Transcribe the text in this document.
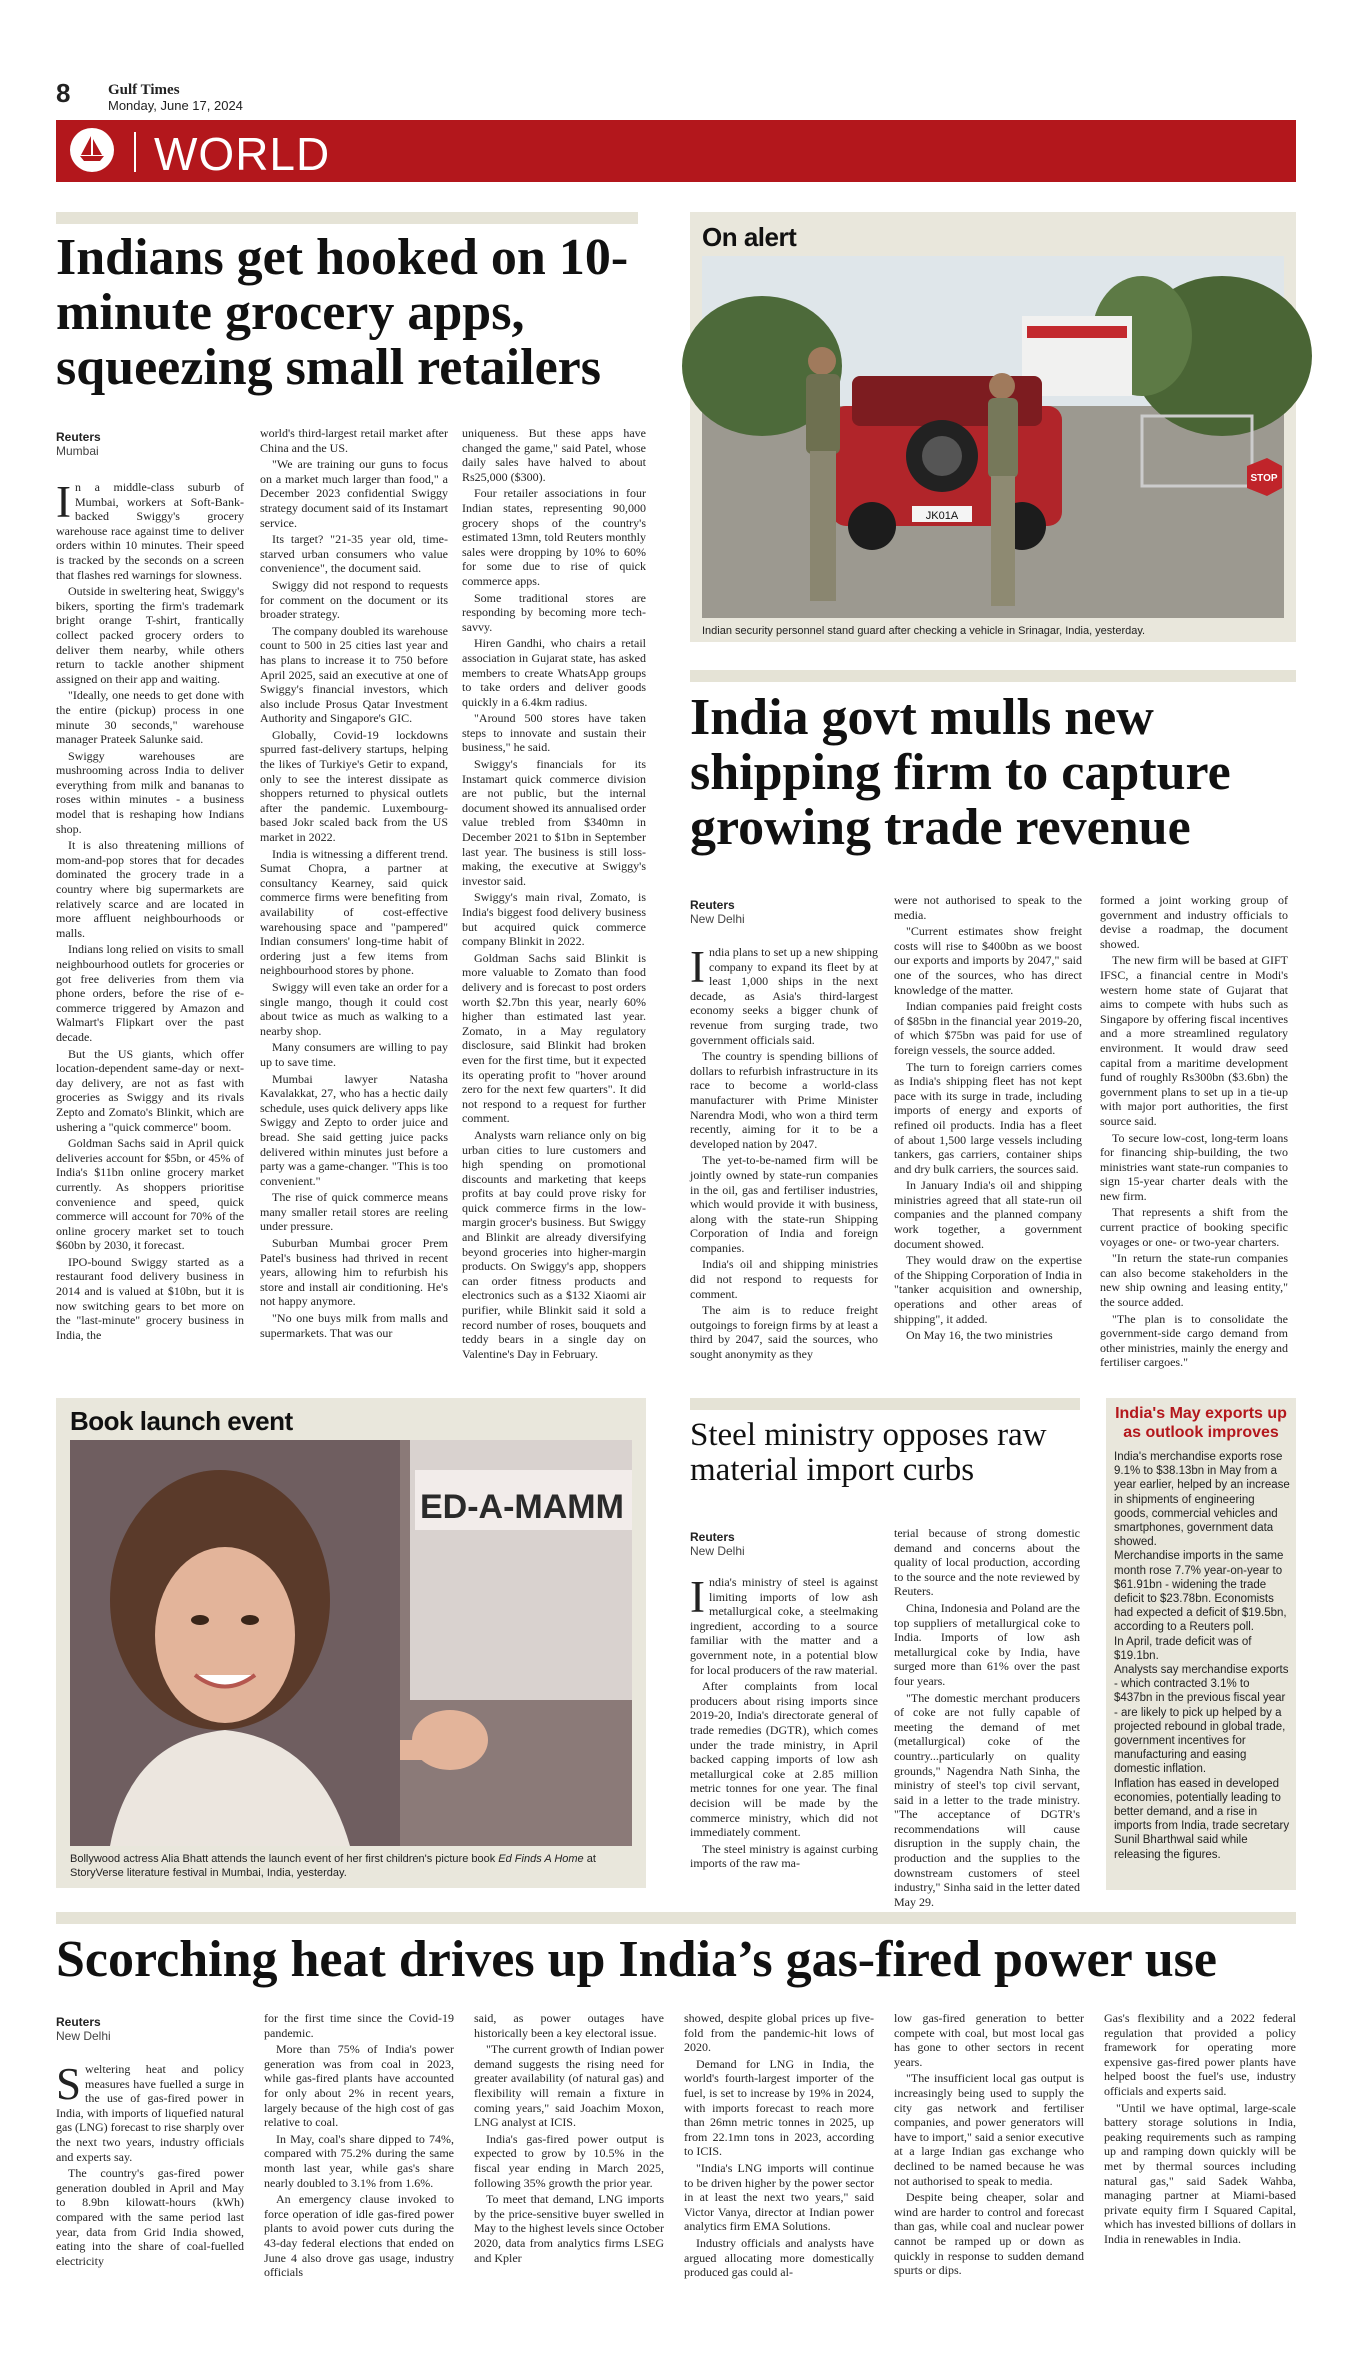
8	Gulf Times
Monday, June 17, 2024
WORLD
Indians get hooked on 10-minute grocery apps, squeezing small retailers
Reuters
Mumbai
I n a middle-class suburb of Mumbai, workers at Soft-Bank-backed Swiggy's grocery warehouse race against time to deliver orders within 10 minutes. Their speed is tracked by the seconds on a screen that flashes red warnings for slowness.

Outside in sweltering heat, Swiggy's bikers, sporting the firm's trademark bright orange T-shirt, frantically collect packed grocery orders to deliver them nearby, while others return to tackle another shipment assigned on their app and waiting.

"Ideally, one needs to get done with the entire (pickup) process in one minute 30 seconds," warehouse manager Prateek Salunke said.

Swiggy warehouses are mushrooming across India to deliver everything from milk and bananas to roses within minutes - a business model that is reshaping how Indians shop.

It is also threatening millions of mom-and-pop stores that for decades dominated the grocery trade in a country where big supermarkets are relatively scarce and are located in more affluent neighbourhoods or malls.

Indians long relied on visits to small neighbourhood outlets for groceries or got free deliveries from them via phone orders, before the rise of e-commerce triggered by Amazon and Walmart's Flipkart over the past decade.

But the US giants, which offer location-dependent same-day or next-day delivery, are not as fast with groceries as Swiggy and its rivals Zepto and Zomato's Blinkit, which are ushering a "quick commerce" boom.

Goldman Sachs said in April quick deliveries account for $5bn, or 45% of India's $11bn online grocery market currently. As shoppers prioritise convenience and speed, quick commerce will account for 70% of the online grocery market set to touch $60bn by 2030, it forecast.

IPO-bound Swiggy started as a restaurant food delivery business in 2014 and is valued at $10bn, but it is now switching gears to bet more on the "last-minute" grocery business in India, the

world's third-largest retail market after China and the US.

"We are training our guns to focus on a market much larger than food," a December 2023 confidential Swiggy strategy document said of its Instamart service.

Its target? "21-35 year old, time-starved urban consumers who value convenience", the document said.

Swiggy did not respond to requests for comment on the document or its broader strategy.

The company doubled its warehouse count to 500 in 25 cities last year and has plans to increase it to 750 before April 2025, said an executive at one of Swiggy's financial investors, which also include Prosus Qatar Investment Authority and Singapore's GIC.

Globally, Covid-19 lockdowns spurred fast-delivery startups, helping the likes of Turkiye's Getir to expand, only to see the interest dissipate as shoppers returned to physical outlets after the pandemic. Luxembourg-based Jokr scaled back from the US market in 2022.

India is witnessing a different trend. Sumat Chopra, a partner at consultancy Kearney, said quick commerce firms were benefiting from availability of cost-effective warehousing space and "pampered" Indian consumers' long-time habit of ordering just a few items from neighbourhood stores by phone.

Swiggy will even take an order for a single mango, though it could cost about twice as much as walking to a nearby shop.

Many consumers are willing to pay up to save time.

Mumbai lawyer Natasha Kavalakkat, 27, who has a hectic daily schedule, uses quick delivery apps like Swiggy and Zepto to order juice and bread. She said getting juice packs delivered within minutes just before a party was a game-changer. "This is too convenient."

The rise of quick commerce means many smaller retail stores are reeling under pressure.

Suburban Mumbai grocer Prem Patel's business had thrived in recent years, allowing him to refurbish his store and install air conditioning. He's not happy anymore.

"No one buys milk from malls and supermarkets. That was our

uniqueness. But these apps have changed the game," said Patel, whose daily sales have halved to about Rs25,000 ($300).

Four retailer associations in four Indian states, representing 90,000 grocery shops of the country's estimated 13mn, told Reuters monthly sales were dropping by 10% to 60% for some due to rise of quick commerce apps.

Some traditional stores are responding by becoming more tech-savvy.

Hiren Gandhi, who chairs a retail association in Gujarat state, has asked members to create WhatsApp groups to take orders and deliver goods quickly in a 6.4km radius.

"Around 500 stores have taken steps to innovate and sustain their business," he said.

Swiggy's financials for its Instamart quick commerce division are not public, but the internal document showed its annualised order value trebled from $340mn in December 2021 to $1bn in September last year. The business is still loss-making, the executive at Swiggy's investor said.

Swiggy's main rival, Zomato, is India's biggest food delivery business but acquired quick commerce company Blinkit in 2022.

Goldman Sachs said Blinkit is more valuable to Zomato than food delivery and is forecast to post orders worth $2.7bn this year, nearly 60% higher than estimated last year. Zomato, in a May regulatory disclosure, said Blinkit had broken even for the first time, but it expected its operating profit to "hover around zero for the next few quarters". It did not respond to a request for further comment.

Analysts warn reliance only on big urban cities to lure customers and high spending on promotional discounts and marketing that keeps profits at bay could prove risky for quick commerce firms in the low-margin grocer's business. But Swiggy and Blinkit are already diversifying beyond groceries into higher-margin products. On Swiggy's app, shoppers can order fitness products and electronics such as a $132 Xiaomi air purifier, while Blinkit said it sold a record number of roses, bouquets and teddy bears in a single day on Valentine's Day in February.

On alert
JK01A
STOP
Indian security personnel stand guard after checking a vehicle in Srinagar, India, yesterday.
India govt mulls new shipping firm to capture growing trade revenue
Reuters
New Delhi
I ndia plans to set up a new shipping company to expand its fleet by at least 1,000 ships in the next decade, as Asia's third-largest economy seeks a bigger chunk of revenue from surging trade, two government officials said.

The country is spending billions of dollars to refurbish infrastructure in its race to become a world-class manufacturer with Prime Minister Narendra Modi, who won a third term recently, aiming for it to be a developed nation by 2047.

The yet-to-be-named firm will be jointly owned by state-run companies in the oil, gas and fertiliser industries, which would provide it with business, along with the state-run Shipping Corporation of India and foreign companies.

India's oil and shipping ministries did not respond to requests for comment.

The aim is to reduce freight outgoings to foreign firms by at least a third by 2047, said the sources, who sought anonymity as they

were not authorised to speak to the media.

"Current estimates show freight costs will rise to $400bn as we boost our exports and imports by 2047," said one of the sources, who has direct knowledge of the matter.

Indian companies paid freight costs of $85bn in the financial year 2019-20, of which $75bn was paid for use of foreign vessels, the source added.

The turn to foreign carriers comes as India's shipping fleet has not kept pace with its surge in trade, including imports of energy and exports of refined oil products. India has a fleet of about 1,500 large vessels including tankers, gas carriers, container ships and dry bulk carriers, the sources said.

In January India's oil and shipping ministries agreed that all state-run oil companies and the planned company work together, a government document showed.

They would draw on the expertise of the Shipping Corporation of India in "tanker acquisition and ownership, operations and other areas of shipping", it added.

On May 16, the two ministries

formed a joint working group of government and industry officials to devise a roadmap, the document showed.

The new firm will be based at GIFT IFSC, a financial centre in Modi's western home state of Gujarat that aims to compete with hubs such as Singapore by offering fiscal incentives and a more streamlined regulatory environment. It would draw seed capital from a maritime development fund of roughly Rs300bn ($3.6bn) the government plans to set up in a tie-up with major port authorities, the first source said.

To secure low-cost, long-term loans for financing ship-building, the two ministries want state-run companies to sign 15-year charter deals with the new firm.

That represents a shift from the current practice of booking specific voyages or one- or two-year charters.

"In return the state-run companies can also become stakeholders in the new ship owning and leasing entity," the source added.

"The plan is to consolidate the government-side cargo demand from other ministries, mainly the energy and fertiliser cargoes."

Book launch event
ED-A-MAMM
Bollywood actress Alia Bhatt attends the launch event of her first children's picture book Ed Finds A Home at StoryVerse literature festival in Mumbai, India, yesterday.
Steel ministry opposes raw material import curbs
Reuters
New Delhi
I ndia's ministry of steel is against limiting imports of low ash metallurgical coke, a steelmaking ingredient, according to a source familiar with the matter and a government note, in a potential blow for local producers of the raw material.

After complaints from local producers about rising imports since 2019-20, India's directorate general of trade remedies (DGTR), which comes under the trade ministry, in April backed capping imports of low ash metallurgical coke at 2.85 million metric tonnes for one year. The final decision will be made by the commerce ministry, which did not immediately comment.

The steel ministry is against curbing imports of the raw ma-

terial because of strong domestic demand and concerns about the quality of local production, according to the source and the note reviewed by Reuters.

China, Indonesia and Poland are the top suppliers of metallurgical coke to India. Imports of low ash metallurgical coke by India, have surged more than 61% over the past four years.

"The domestic merchant producers of coke are not fully capable of meeting the demand of met (metallurgical) coke of the country...particularly on quality grounds," Nagendra Nath Sinha, the ministry of steel's top civil servant, said in a letter to the trade ministry. "The acceptance of DGTR's recommendations will cause disruption in the supply chain, the production and the supplies to the downstream customers of steel industry," Sinha said in the letter dated May 29.

India's May exports up as outlook improves

India's merchandise exports rose 9.1% to $38.13bn in May from a year earlier, helped by an increase in shipments of engineering goods, commercial vehicles and smartphones, government data showed.

Merchandise imports in the same month rose 7.7% year-on-year to $61.91bn - widening the trade deficit to $23.78bn. Economists had expected a deficit of $19.5bn, according to a Reuters poll.

In April, trade deficit was of $19.1bn.

Analysts say merchandise exports - which contracted 3.1% to $437bn in the previous fiscal year - are likely to pick up helped by a projected rebound in global trade, government incentives for manufacturing and easing domestic inflation.

Inflation has eased in developed economies, potentially leading to better demand, and a rise in imports from India, trade secretary Sunil Bharthwal said while releasing the figures.

Scorching heat drives up India’s gas-fired power use
Reuters
New Delhi
S weltering heat and policy measures have fuelled a surge in the use of gas-fired power in India, with imports of liquefied natural gas (LNG) forecast to rise sharply over the next two years, industry officials and experts say.

The country's gas-fired power generation doubled in April and May to 8.9bn kilowatt-hours (kWh) compared with the same period last year, data from Grid India showed, eating into the share of coal-fuelled electricity

for the first time since the Covid-19 pandemic.

More than 75% of India's power generation was from coal in 2023, while gas-fired plants have accounted for only about 2% in recent years, largely because of the high cost of gas relative to coal.

In May, coal's share dipped to 74%, compared with 75.2% during the same month last year, while gas's share nearly doubled to 3.1% from 1.6%.

An emergency clause invoked to force operation of idle gas-fired power plants to avoid power cuts during the 43-day federal elections that ended on June 4 also drove gas usage, industry officials

said, as power outages have historically been a key electoral issue.

"The current growth of Indian power demand suggests the rising need for greater availability (of natural gas) and flexibility will remain a fixture in coming years," said Joachim Moxon, LNG analyst at ICIS.

India's gas-fired power output is expected to grow by 10.5% in the fiscal year ending in March 2025, following 35% growth the prior year.

To meet that demand, LNG imports by the price-sensitive buyer swelled in May to the highest levels since October 2020, data from analytics firms LSEG and Kpler

showed, despite global prices up five-fold from the pandemic-hit lows of 2020.

Demand for LNG in India, the world's fourth-largest importer of the fuel, is set to increase by 19% in 2024, with imports forecast to reach more than 26mn metric tonnes in 2025, up from 22.1mn tons in 2023, according to ICIS.

"India's LNG imports will continue to be driven higher by the power sector in at least the next two years," said Victor Vanya, director at Indian power analytics firm EMA Solutions.

Industry officials and analysts have argued allocating more domestically produced gas could al-

low gas-fired generation to better compete with coal, but most local gas has gone to other sectors in recent years.

"The insufficient local gas output is increasingly being used to supply the city gas network and fertiliser companies, and power generators will have to import," said a senior executive at a large Indian gas exchange who declined to be named because he was not authorised to speak to media.

Despite being cheaper, solar and wind are harder to control and forecast than gas, while coal and nuclear power cannot be ramped up or down as quickly in response to sudden demand spurts or dips.

Gas's flexibility and a 2022 federal regulation that provided a policy framework for operating more expensive gas-fired power plants have helped boost the fuel's use, industry officials and experts said.

"Until we have optimal, large-scale battery storage solutions in India, peaking requirements such as ramping up and ramping down quickly will be met by thermal sources including natural gas," said Sadek Wahba, managing partner at Miami-based private equity firm I Squared Capital, which has invested billions of dollars in India in renewables in India.
